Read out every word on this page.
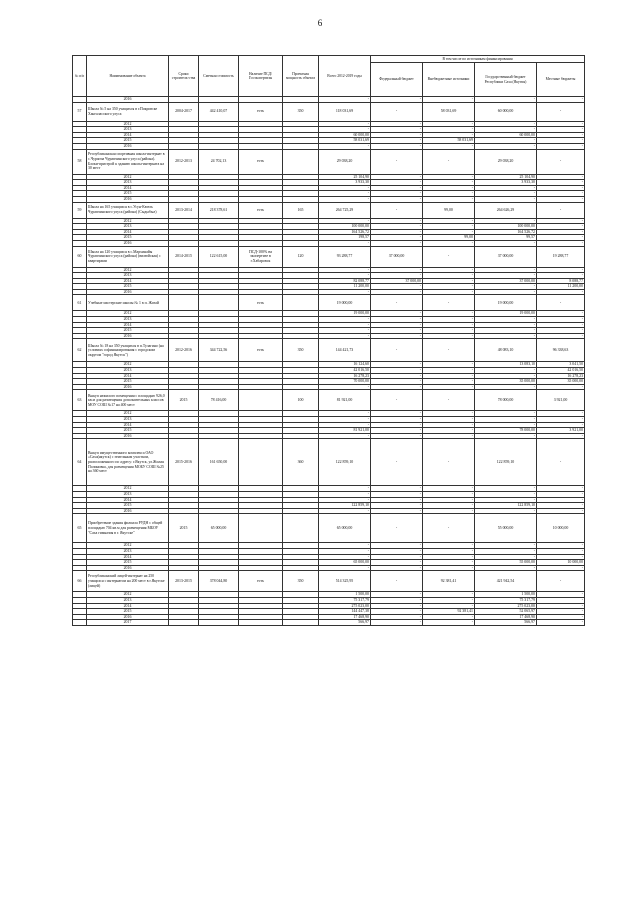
6
№ п/п	Наименование объекта	Сроки строитель-ства	Сметная стоимость	Наличие ПСД/ Госэкспертизы	Проектная мощность объекта	Всего 2012-2019 годы	В том числе по источникам финансирования			
							Федеральный бюджет	Внебюджетные источники	Государственный бюджет Республики Саха (Якутия)	Местные бюджеты
	2016					-	-	-	-	-
57	Школа № 5 на 350 учащихся в г.Покровске Хангаласского улуса	2004-2017	442 410,07	есть	350	118 031,69	-	58 031,69	60 000,00	-
	2012					-	-	-	-	-
	2013					-	-	-	-	-
	2014					60 000,00	-	-	60 000,00	-
	2015					58 031,69	-	58 031,69	-	-
	2016					-	-	-	-	-
58	Республиканская спортивная школа-интернат в с.Чурапча Чурапчинского улуса (района). Блоки-пристрой к зданию школы-интерната на 30 мест	2012-2013	24 702,13	есть		29 038,20	-	-	29 038,20	-
	2012					25 104,90	-	-	25 104,90	-
	2013					3 933,30	-	-	3 933,30	-
	2014					-	-	-	-	-
	2015					-	-	-	-	-
	2016					-	-	-	-	-
59	Школа на 165 учащихся в с.Усун-Кюель Чурапчинского улуса (района) (Сыдыбыл)	2013-2014	218 378,61	есть	165	264 725,29	-	99,00	264 626,29	-
	2012					-	-	-	-	-
	2013					100 000,00	-	-	100 000,00	-
	2014					164 526,72	-	-	164 526,72	-
	2015					198,57	-	99,00	99,57	-
	2016					-	-	-	-	-
60	Школа на 120 учащихся в с.Мархинайы Чурапчинского улуса (района) (вилюйская) с квартирами	2014-2015	122 615,00	ПСД-100% на экспертизе в г.Хабаровск	120	93 288,77	37 000,00	-	37 000,00	19 288,77
	2012					-	-	-	-	-
	2013					-	-	-	-	-
	2014					82 088,77	37 000,00	-	37 000,00	8 088,77
	2015					11 200,00	-	-	-	11 200,00
	2016					-	-	-	-	-
61	Учебные мастерские школы № 1 в п. Жатай			есть		19 000,00	-	-	19 000,00	-
	2012					19 000,00	-	-	19 000,00	-
	2013					-	-	-	-	-
	2014					-	-	-	-	-
	2015					-	-	-	-	-
	2016					-	-	-	-	-
62	Школа № 18 на 350 учащихся в п.Тулагино (на условиях софинансирования с городским округом "город Якутск")	2012-2016	344 722,56	есть	350	144 421,73	-	-	48 083,10	96 338,63
	2012					16 124,60	-	-	13 083,10	3 041,50
	2013					42 016,50	-	-	-	42 016,50
	2014					16 278,23	-	-	-	16 278,23
	2015					70 000,00	-	-	35 000,00	35 000,00
	2016					-	-	-	-	-
63	Выкуп нежилого помещения с площадью 926,0 кв.м для размещения дополнительных классов МОУ СОШ №17 на 400 мест	2015	78 416,00		100	81 921,00	-	-	78 000,00	3 921,00
	2012					-	-	-	-	-
	2013					-	-	-	-	-
	2014					-	-	-	-	-
	2015					81 921,00	-	-	78 000,00	3 921,00
	2016					-	-	-	-	-
64	Выкуп имущественного комплекса ОАО «Саха(якутск) с земельным участком, расположенного по адресу: г.Якутск, ул.Жилая Полиновка, для размещения МОБУ СОШ №25 на 360 мест	2015-2016	161 650,00		360	122 859,10	-	-	122 859,10	-
	2012					-	-	-	-	-
	2013					-	-	-	-	-
	2014					-	-	-	-	-
	2015					122 859,10	-	-	122 859,10	-
	2016					-	-	-	-	-
65	Приобретение здания филиала РУДН с общей площадью 704 кв.м для размещения МБОУ "Саха гимназия в г. Якутске"	2015	65 000,00			65 000,00	-	-	55 000,00	10 000,00
	2012					-	-	-	-	-
	2013					-	-	-	-	-
	2014					-	-	-	-	-
	2015					65 000,00	-	-	55 000,00	10 000,00
	2016					-	-	-	-	-
66	Республиканский лицей-интернат на 250 учащихся с интернатом на 200 мест в г.Якутске (лицей)	2013-2015	378 044,80	есть	350	514 325,95	-	92 381,41	421 942,54	-
	2012					1 500,00	-	-	1 500,00	-
	2013					75 317,79	-	-	75 317,79	-
	2014					275 023,00	-	-	275 023,00	-
	2015					144 447,38	-	92 381,41	52 065,97	-
	2016					17 468,90	-	-	17 468,90	-
	2017					566,97	-	-	566,97	-
